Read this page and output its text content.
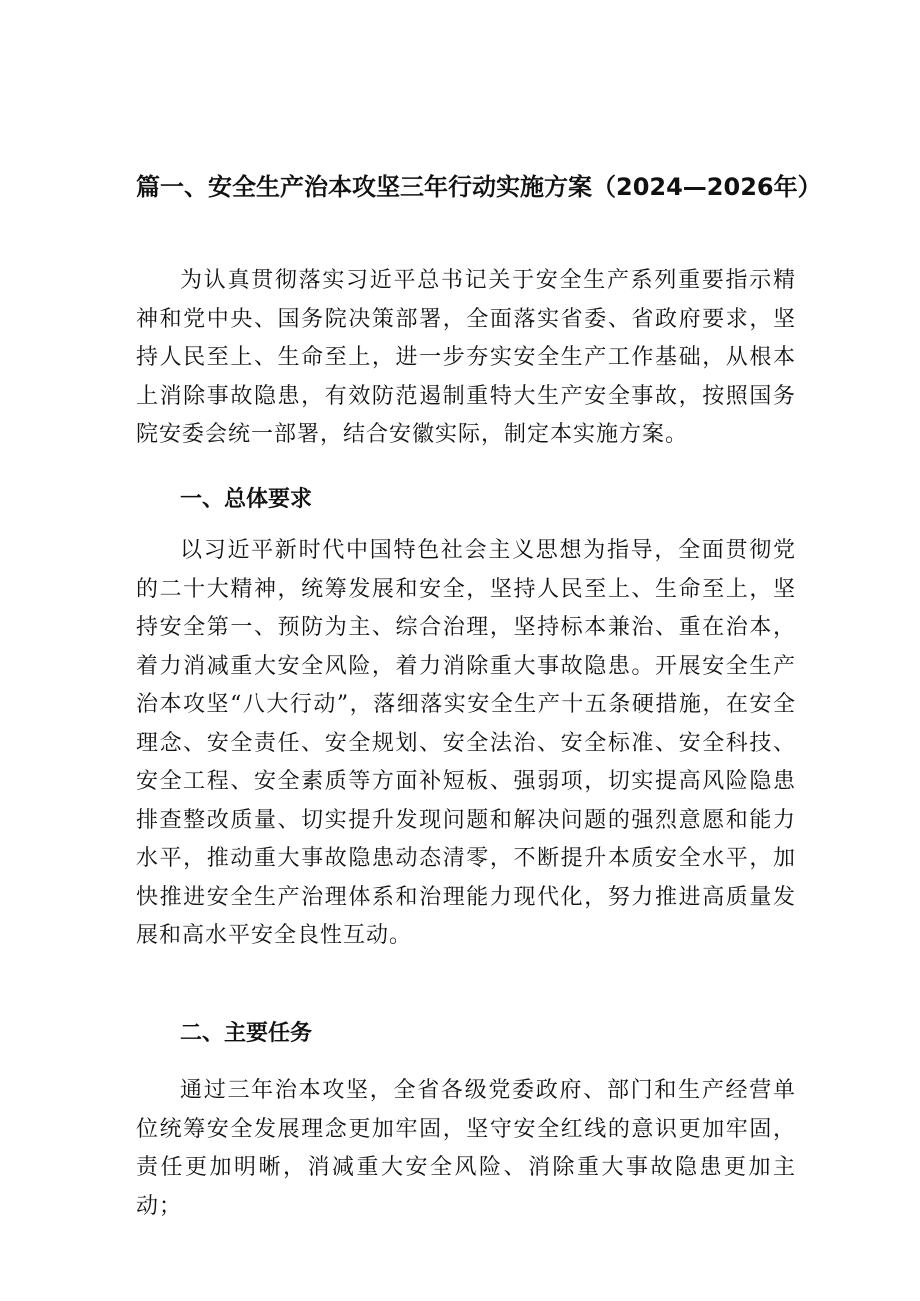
篇一、安全生产治本攻坚三年行动实施方案（2024—2026年）

为认真贯彻落实习近平总书记关于安全生产系列重要指示精神和党中央、国务院决策部署，全面落实省委、省政府要求，坚持人民至上、生命至上，进一步夯实安全生产工作基础，从根本上消除事故隐患，有效防范遏制重特大生产安全事故，按照国务院安委会统一部署，结合安徽实际，制定本实施方案。

一、总体要求

以习近平新时代中国特色社会主义思想为指导，全面贯彻党的二十大精神，统筹发展和安全，坚持人民至上、生命至上，坚持安全第一、预防为主、综合治理，坚持标本兼治、重在治本，着力消减重大安全风险，着力消除重大事故隐患。开展安全生产治本攻坚“八大行动”，落细落实安全生产十五条硬措施，在安全理念、安全责任、安全规划、安全法治、安全标准、安全科技、安全工程、安全素质等方面补短板、强弱项，切实提高风险隐患排查整改质量、切实提升发现问题和解决问题的强烈意愿和能力水平，推动重大事故隐患动态清零，不断提升本质安全水平，加快推进安全生产治理体系和治理能力现代化，努力推进高质量发展和高水平安全良性互动。

二、主要任务

通过三年治本攻坚，全省各级党委政府、部门和生产经营单位统筹安全发展理念更加牢固，坚守安全红线的意识更加牢固，责任更加明晰，消减重大安全风险、消除重大事故隐患更加主动；
